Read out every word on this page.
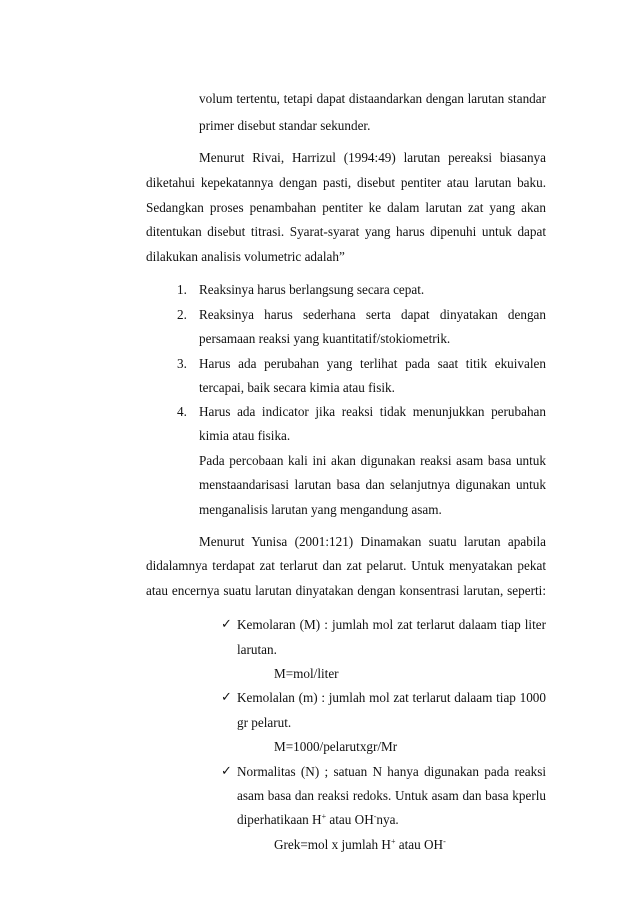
volum tertentu, tetapi dapat distaandarkan dengan larutan standar
primer disebut standar sekunder.
Menurut Rivai, Harrizul (1994:49) larutan pereaksi biasanya
diketahui kepekatannya dengan pasti, disebut pentiter atau larutan baku.
Sedangkan proses penambahan pentiter ke dalam larutan zat yang akan
ditentukan disebut titrasi. Syarat-syarat yang harus dipenuhi untuk dapat
dilakukan analisis volumetric adalah”
1. Reaksinya harus berlangsung secara cepat.
2. Reaksinya harus sederhana serta dapat dinyatakan dengan
persamaan reaksi yang kuantitatif/stokiometrik.
3. Harus ada perubahan yang terlihat pada saat titik ekuivalen
tercapai, baik secara kimia atau fisik.
4. Harus ada indicator jika reaksi tidak menunjukkan perubahan
kimia atau fisika.
Pada percobaan kali ini akan digunakan reaksi asam basa untuk
menstaandarisasi larutan basa dan selanjutnya digunakan untuk
menganalisis larutan yang mengandung asam.
Menurut Yunisa (2001:121) Dinamakan suatu larutan apabila
didalamnya terdapat zat terlarut dan zat pelarut. Untuk menyatakan pekat
atau encernya suatu larutan dinyatakan dengan konsentrasi larutan, seperti:
✓ Kemolaran (M) : jumlah mol zat terlarut dalaam tiap liter
larutan.
M=mol/liter
✓ Kemolalan (m) : jumlah mol zat terlarut dalaam tiap 1000
gr pelarut.
M=1000/pelarutxgr/Mr
✓ Normalitas (N) ; satuan N hanya digunakan pada reaksi
asam basa dan reaksi redoks. Untuk asam dan basa kperlu
diperhatikaan H+ atau OH-nya.
Grek=mol x jumlah H+ atau OH-
